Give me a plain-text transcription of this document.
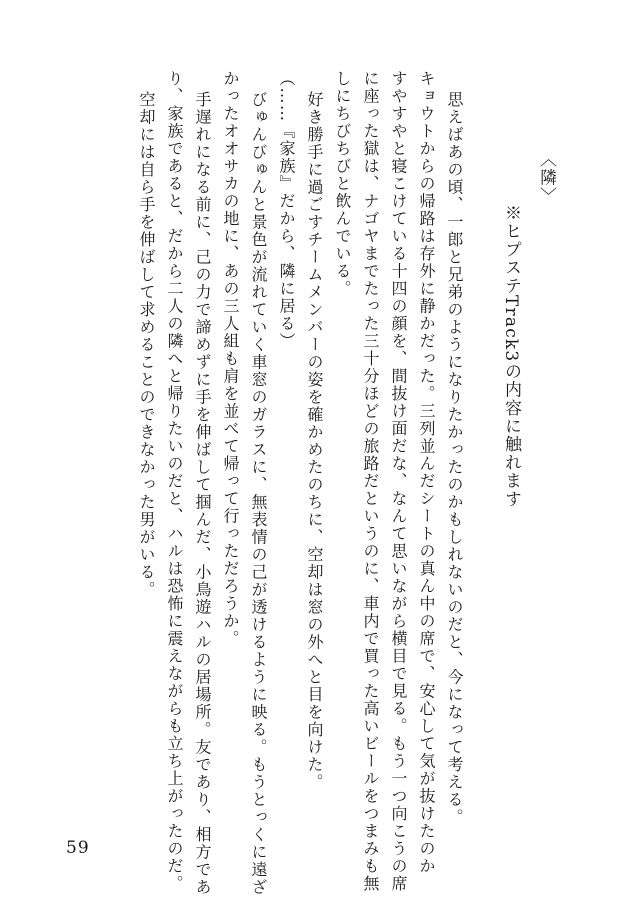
〈隣〉
※ヒプステTrack3の内容に触れます
思えばあの頃、一郎と兄弟のようになりたかったのかもしれないのだと、今になって考える。
キョウトからの帰路は存外に静かだった。三列並んだシートの真ん中の席で、安心して気が抜けたのか
すやすやと寝こけている十四の顔を、間抜け面だな、なんて思いながら横目で見る。もう一つ向こうの席
に座った獄は、ナゴヤまでたった三十分ほどの旅路だというのに、車内で買った高いビールをつまみも無
しにちびちびと飲んでいる。
好き勝手に過ごすチームメンバーの姿を確かめたのちに、空却は窓の外へと目を向けた。
（……『家族』だから、隣に居る）
びゅんびゅんと景色が流れていく車窓のガラスに、無表情の己が透けるように映る。もうとっくに遠ざ
かったオオサカの地に、あの三人組も肩を並べて帰って行っただろうか。
手遅れになる前に、己の力で諦めずに手を伸ばして掴んだ、小鳥遊ハルの居場所。友であり、相方であ
り、家族であると、だから二人の隣へと帰りたいのだと、ハルは恐怖に震えながらも立ち上がったのだ。
空却には自ら手を伸ばして求めることのできなかった男がいる。
59
